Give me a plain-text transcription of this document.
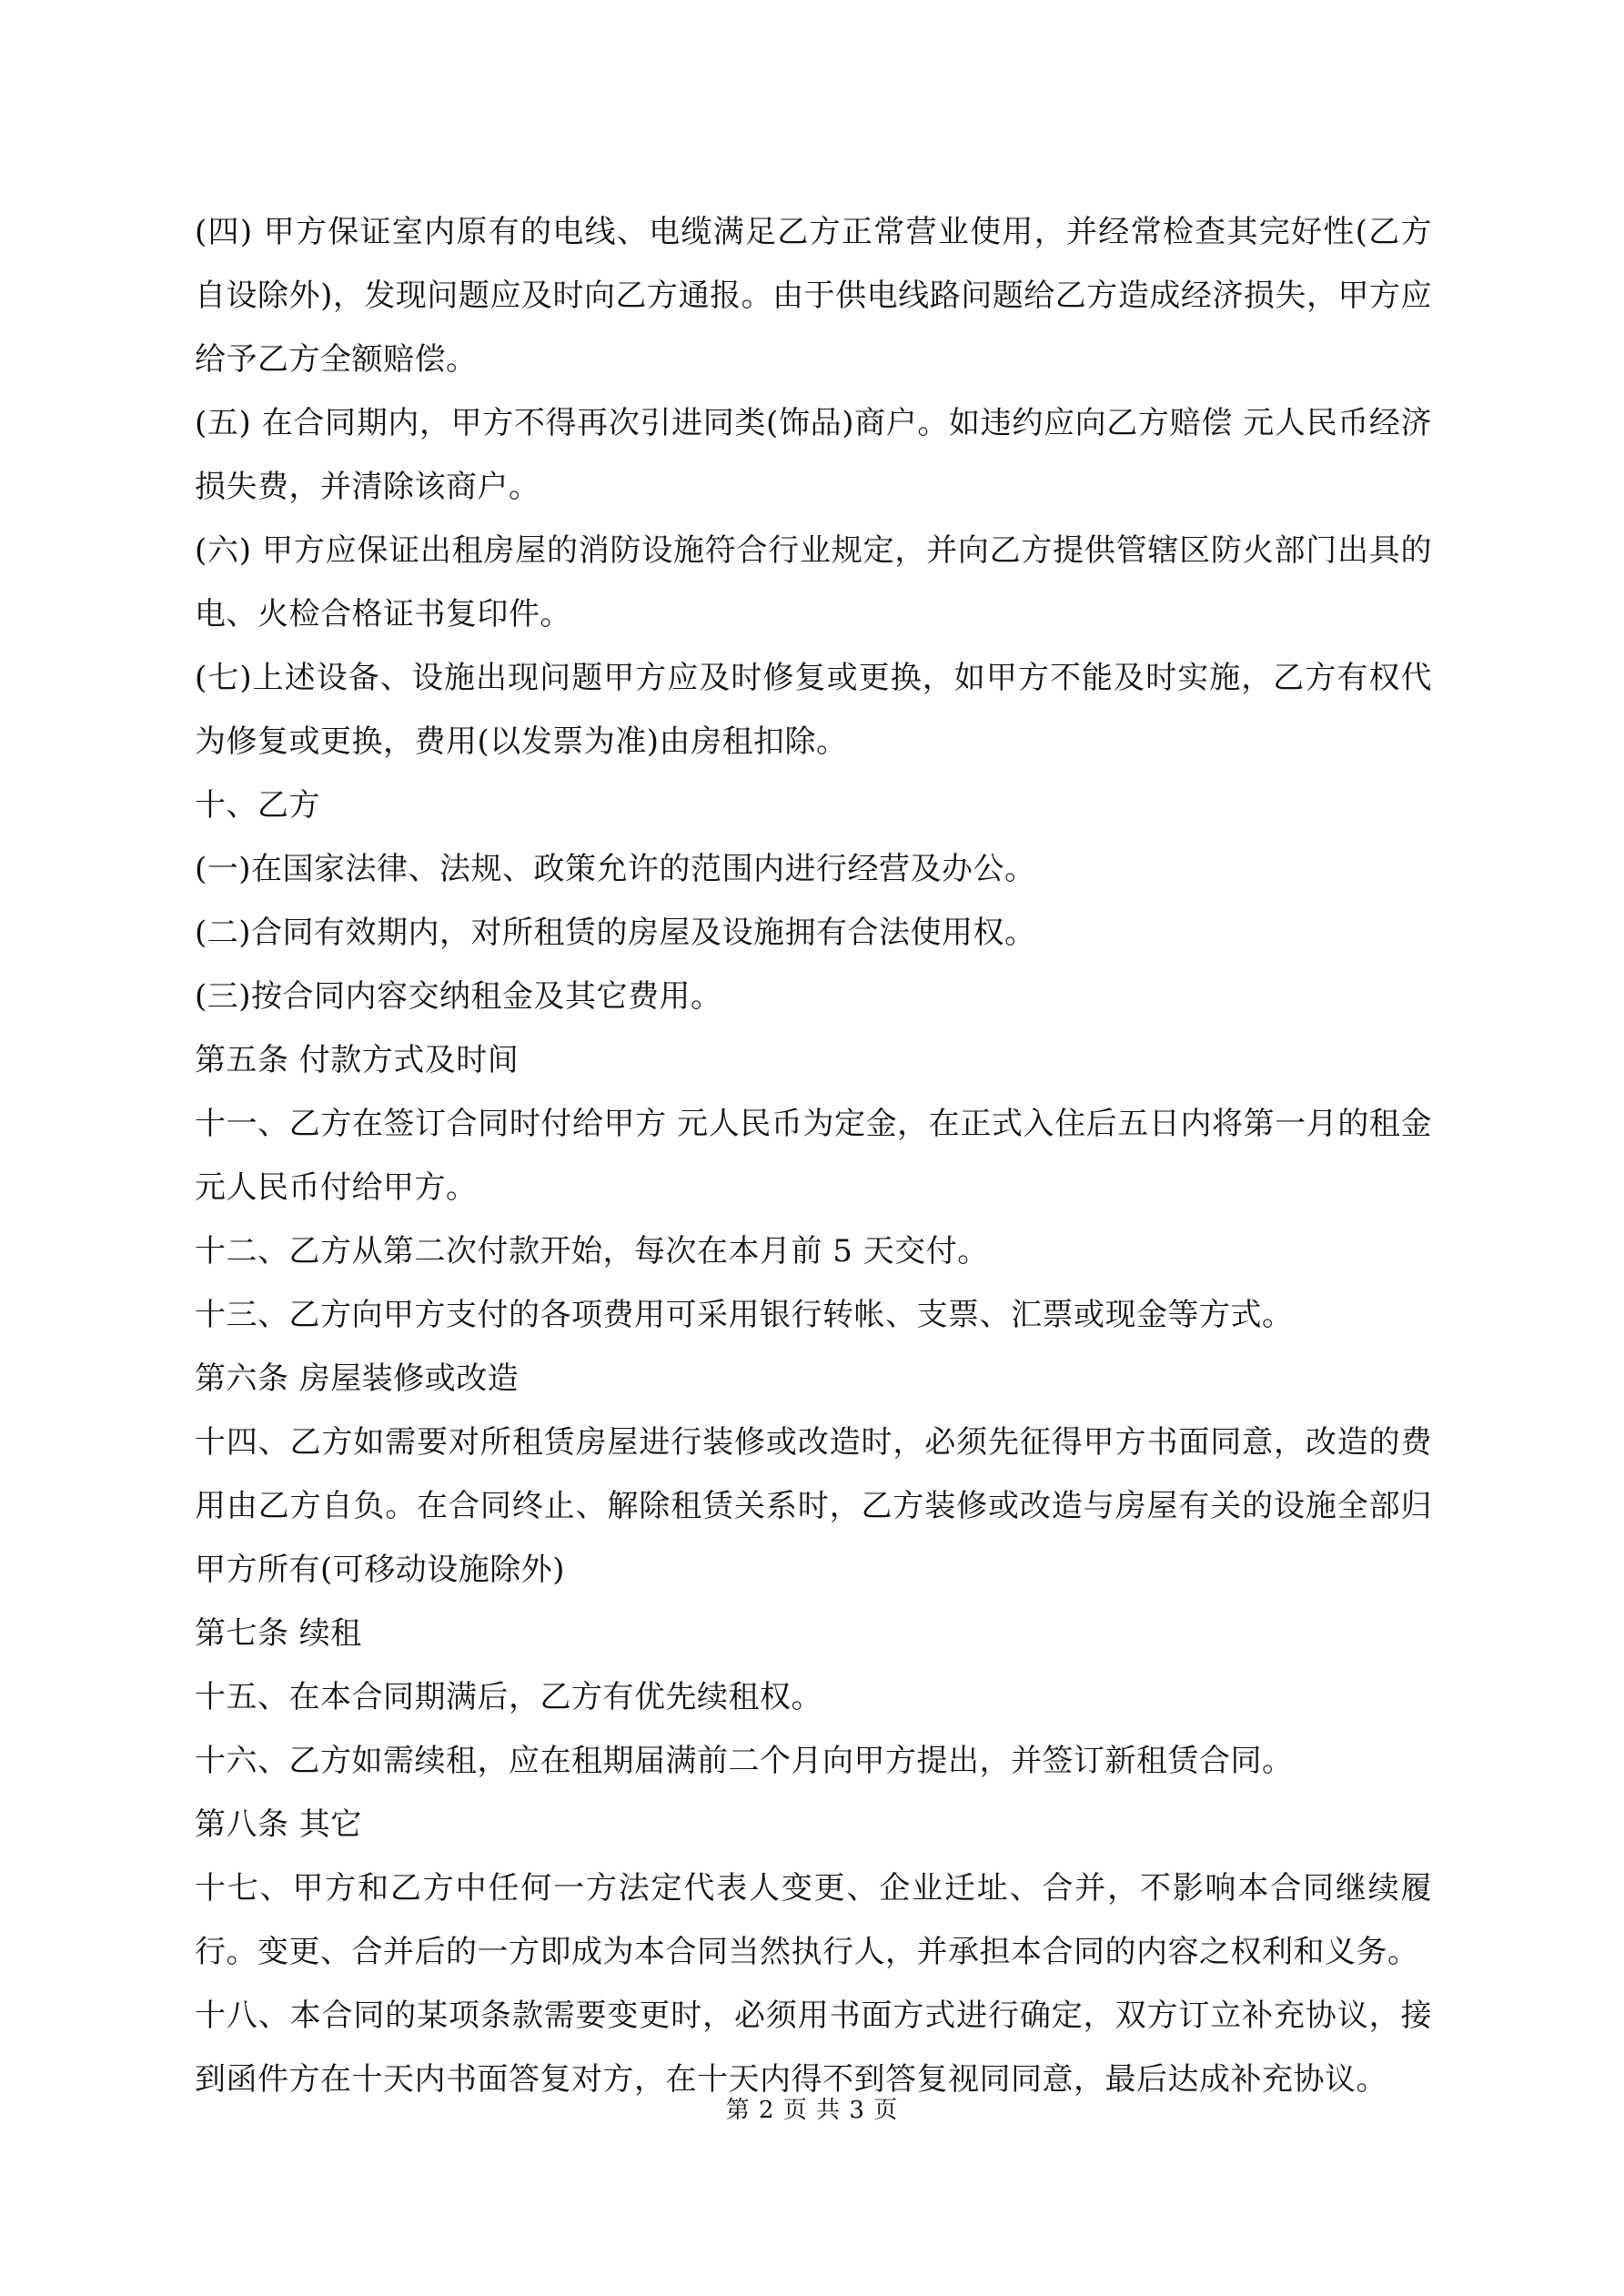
(四) 甲方保证室内原有的电线、电缆满足乙方正常营业使用，并经常检查其完好性(乙方自设除外)，发现问题应及时向乙方通报。由于供电线路问题给乙方造成经济损失，甲方应给予乙方全额赔偿。

(五) 在合同期内，甲方不得再次引进同类(饰品)商户。如违约应向乙方赔偿 元人民币经济损失费，并清除该商户。

(六) 甲方应保证出租房屋的消防设施符合行业规定，并向乙方提供管辖区防火部门出具的电、火检合格证书复印件。

(七)上述设备、设施出现问题甲方应及时修复或更换，如甲方不能及时实施，乙方有权代为修复或更换，费用(以发票为准)由房租扣除。

十、乙方

(一)在国家法律、法规、政策允许的范围内进行经营及办公。

(二)合同有效期内，对所租赁的房屋及设施拥有合法使用权。

(三)按合同内容交纳租金及其它费用。

第五条 付款方式及时间

十一、乙方在签订合同时付给甲方 元人民币为定金，在正式入住后五日内将第一月的租金 元人民币付给甲方。

十二、乙方从第二次付款开始，每次在本月前 5 天交付。

十三、乙方向甲方支付的各项费用可采用银行转帐、支票、汇票或现金等方式。

第六条 房屋装修或改造

十四、乙方如需要对所租赁房屋进行装修或改造时，必须先征得甲方书面同意，改造的费用由乙方自负。在合同终止、解除租赁关系时，乙方装修或改造与房屋有关的设施全部归甲方所有(可移动设施除外)

第七条 续租

十五、在本合同期满后，乙方有优先续租权。

十六、乙方如需续租，应在租期届满前二个月向甲方提出，并签订新租赁合同。

第八条 其它

十七、甲方和乙方中任何一方法定代表人变更、企业迁址、合并，不影响本合同继续履行。变更、合并后的一方即成为本合同当然执行人，并承担本合同的内容之权利和义务。

十八、本合同的某项条款需要变更时，必须用书面方式进行确定，双方订立补充协议，接到函件方在十天内书面答复对方，在十天内得不到答复视同同意，最后达成补充协议。

第 2 页 共 3 页
